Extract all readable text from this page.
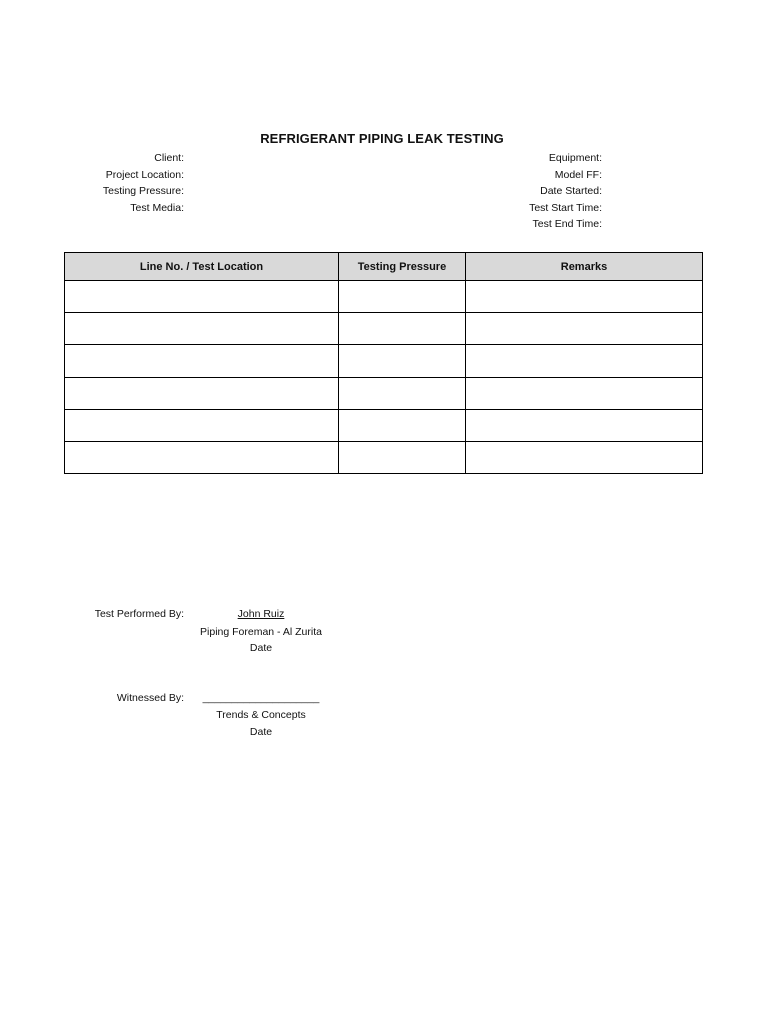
REFRIGERANT PIPING LEAK TESTING
Client:
Project Location:
Testing Pressure:
Test Media:
Equipment:
Model FF:
Date Started:
Test Start Time:
Test End Time:
Line No. / Test Location	Testing Pressure	Remarks

Test Performed By:	John Ruiz
Piping Foreman - Al Zurita
Date
Witnessed By:	____________________
Trends & Concepts
Date
